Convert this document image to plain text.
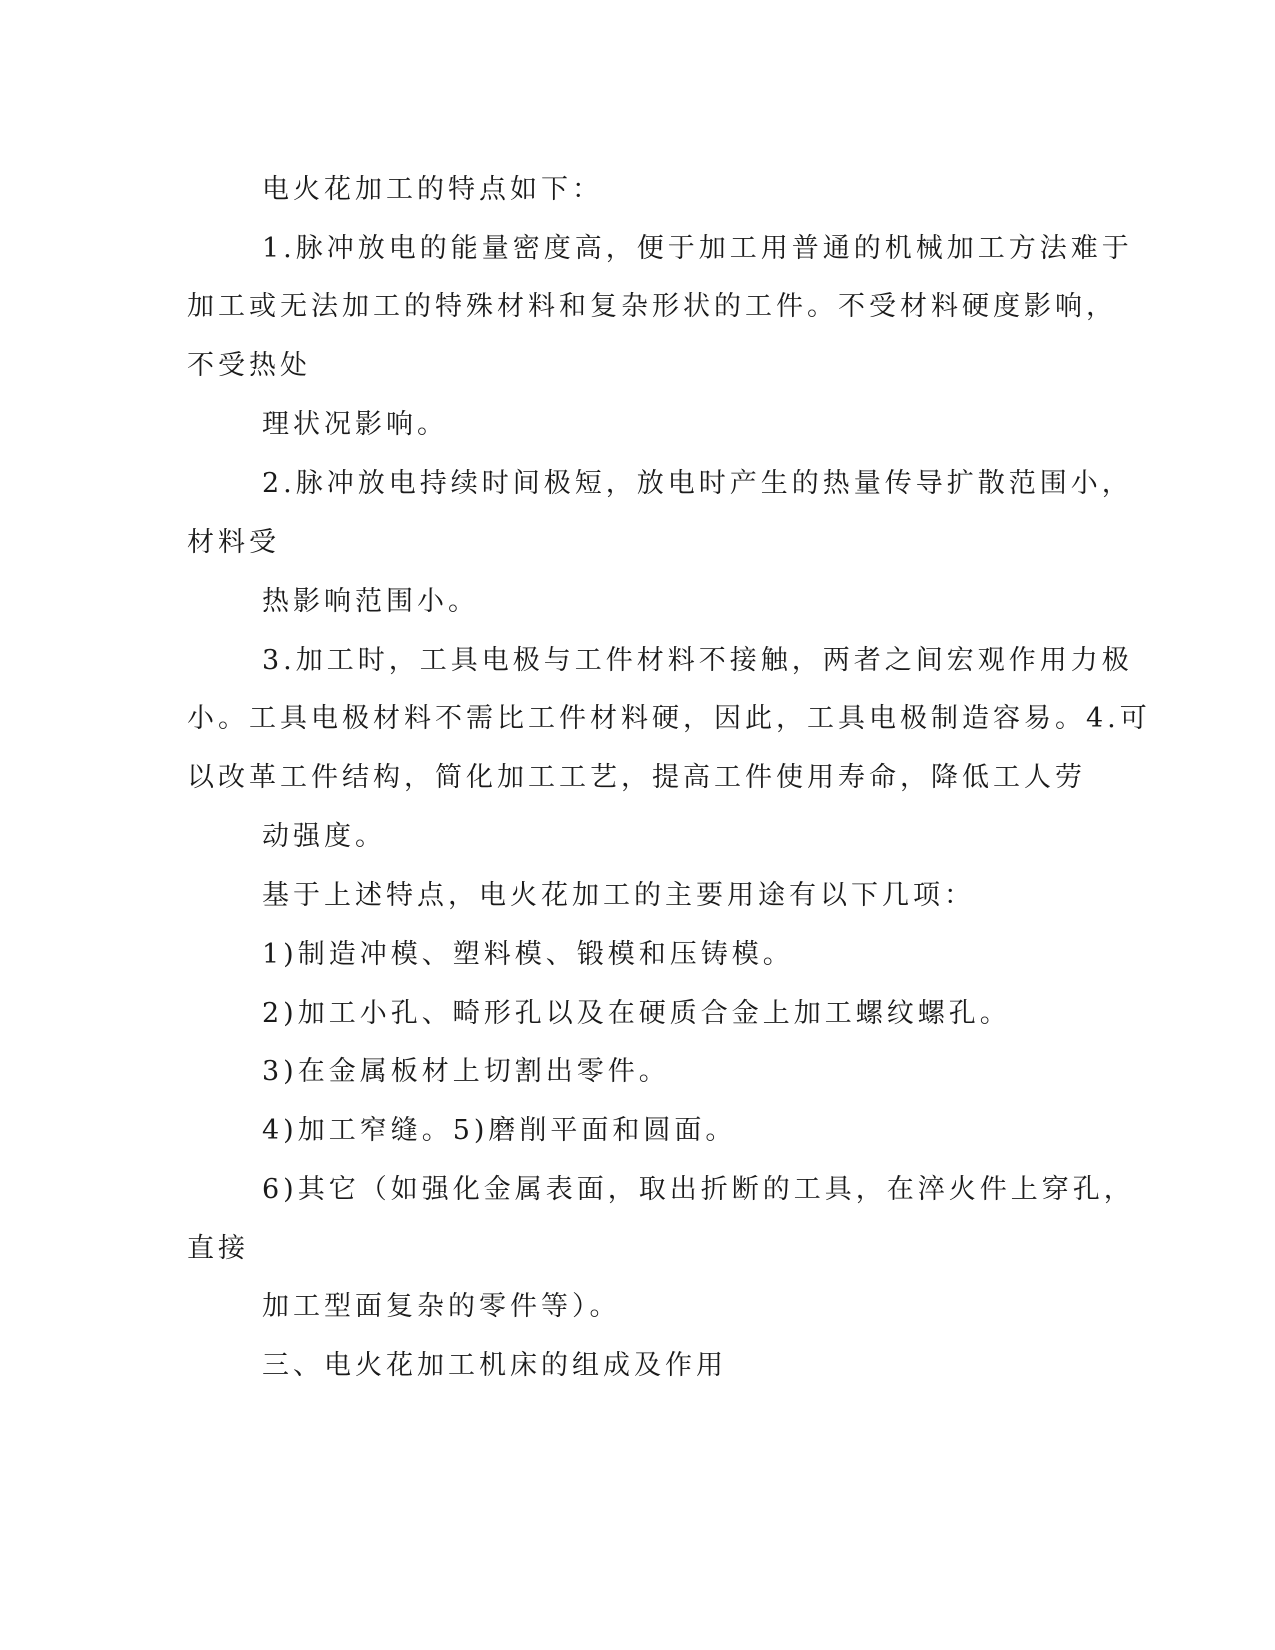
电火花加工的特点如下：
1.脉冲放电的能量密度高，便于加工用普通的机械加工方法难于
加工或无法加工的特殊材料和复杂形状的工件。不受材料硬度影响，
不受热处
理状况影响。
2.脉冲放电持续时间极短，放电时产生的热量传导扩散范围小，
材料受
热影响范围小。
3.加工时，工具电极与工件材料不接触，两者之间宏观作用力极
小。工具电极材料不需比工件材料硬，因此，工具电极制造容易。4.可
以改革工件结构，简化加工工艺，提高工件使用寿命，降低工人劳
动强度。
基于上述特点，电火花加工的主要用途有以下几项：
1)制造冲模、塑料模、锻模和压铸模。
2)加工小孔、畸形孔以及在硬质合金上加工螺纹螺孔。
3)在金属板材上切割出零件。
4)加工窄缝。5)磨削平面和圆面。
6)其它（如强化金属表面，取出折断的工具，在淬火件上穿孔，
直接
加工型面复杂的零件等）。
三、电火花加工机床的组成及作用
